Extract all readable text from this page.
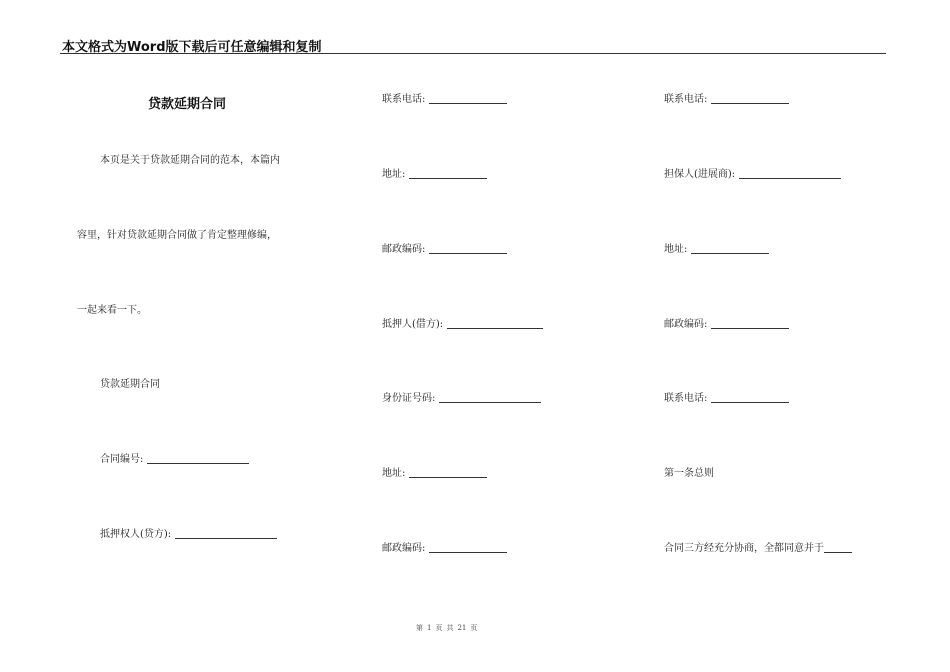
本文格式为Word版下载后可任意编辑和复制
贷款延期合同
本页是关于贷款延期合同的范本，本篇内
容里，针对贷款延期合同做了肯定整理修编，
一起来看一下。
贷款延期合同
合同编号:
抵押权人(贷方):
联系电话:
地址:
邮政编码:
抵押人(借方):
身份证号码:
地址:
邮政编码:
联系电话:
担保人(进展商):
地址:
邮政编码:
联系电话:
第一条总则
合同三方经充分协商，全都同意并于
第 1 页 共 21 页
